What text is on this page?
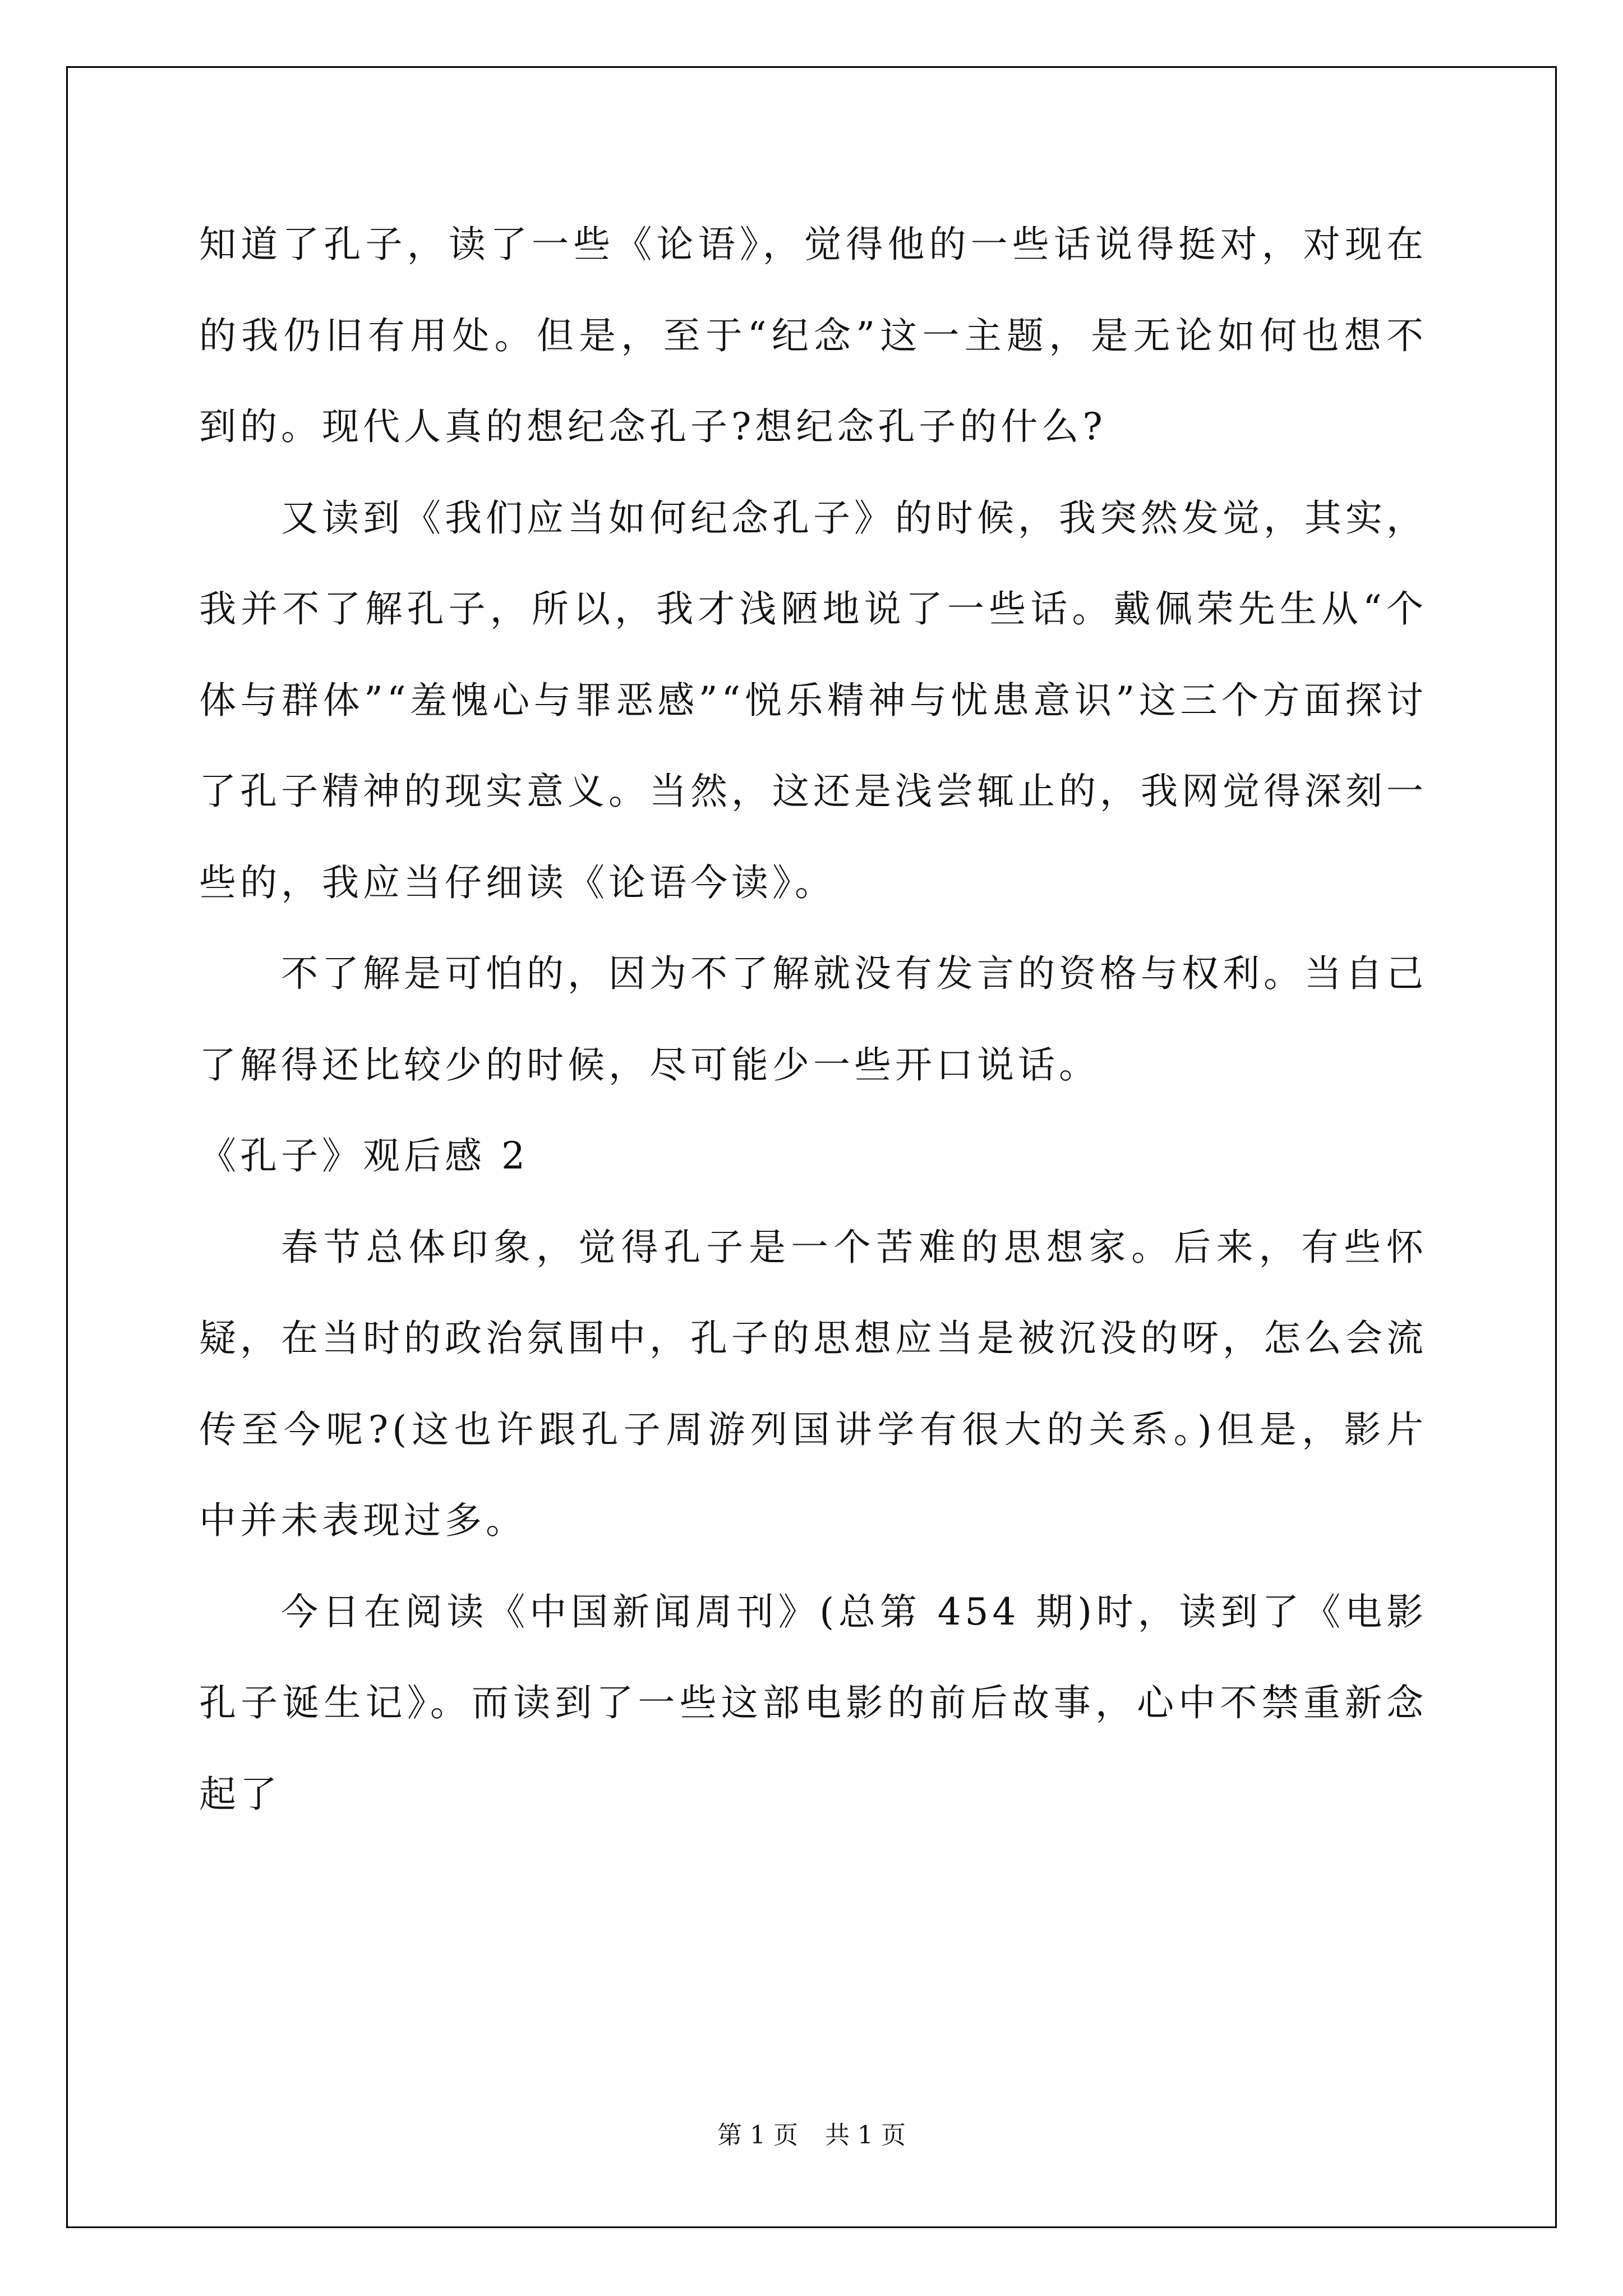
知道了孔子，读了一些《论语》，觉得他的一些话说得挺对，对现在的我仍旧有用处。但是，至于“纪念”这一主题，是无论如何也想不到的。现代人真的想纪念孔子?想纪念孔子的什么?

又读到《我们应当如何纪念孔子》的时候，我突然发觉，其实，我并不了解孔子，所以，我才浅陋地说了一些话。戴佩荣先生从“个体与群体”“羞愧心与罪恶感”“悦乐精神与忧患意识”这三个方面探讨了孔子精神的现实意义。当然，这还是浅尝辄止的，我网觉得深刻一些的，我应当仔细读《论语今读》。

不了解是可怕的，因为不了解就没有发言的资格与权利。当自己了解得还比较少的时候，尽可能少一些开口说话。

《孔子》观后感 2

春节总体印象，觉得孔子是一个苦难的思想家。后来，有些怀疑，在当时的政治氛围中，孔子的思想应当是被沉没的呀，怎么会流传至今呢?(这也许跟孔子周游列国讲学有很大的关系。)但是，影片中并未表现过多。

今日在阅读《中国新闻周刊》(总第 454 期)时，读到了《电影孔子诞生记》。而读到了一些这部电影的前后故事，心中不禁重新念起了

第 1 页 共 1 页
